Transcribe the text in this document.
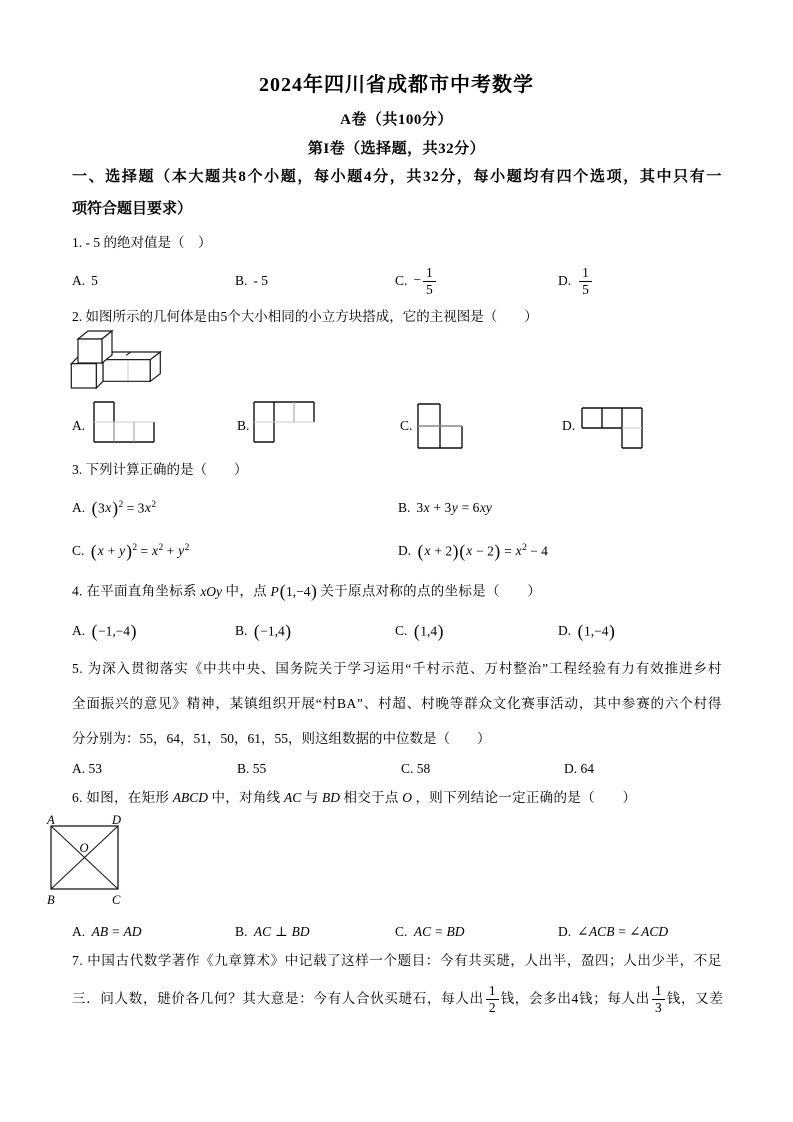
2024年四川省成都市中考数学
A卷（共100分）
第I卷（选择题，共32分）
一、选择题（本大题共8个小题，每小题4分，共32分，每小题均有四个选项，其中只有一
项符合题目要求）
1. - 5 的绝对值是（　）
A. 5	B. - 5	C. − $\frac{1}{5}$	D. $\frac{1}{5}$
2. 如图所示的几何体是由5个大小相同的小立方块搭成，它的主视图是（　　）
A.	B.	C.	D.
3. 下列计算正确的是（　　）
A. $(3x)^2 = 3x^2$	B. 3x + 3y = 6xy
C. $(x + y)^2 = x^2 + y^2$	D. $(x + 2)(x - 2) = x^2 - 4$
4. 在平面直角坐标系 xOy 中，点 P(1,−4) 关于原点对称的点的坐标是（　　）
A. (−1,−4)	B. (−1,4)	C. (1,4)	D. (1,−4)
5. 为深入贯彻落实《中共中央、国务院关于学习运用“千村示范、万村整治”工程经验有力有效推进乡村
全面振兴的意见》精神，某镇组织开展“村BA”、村超、村晚等群众文化赛事活动，其中参赛的六个村得
分分别为：55，64，51，50，61，55，则这组数据的中位数是（　　）
A. 53	B. 55	C. 58	D. 64
6. 如图，在矩形 ABCD 中，对角线 AC 与 BD 相交于点 O ，则下列结论一定正确的是（　　）
A	D
B	C
O
A. AB = AD	B. AC ⊥ BD	C. AC = BD	D. ∠ACB = ∠ACD
7. 中国古代数学著作《九章算术》中记载了这样一个题目：今有共买琎，人出半，盈四；人出少半，不足
三．问人数，琎价各几何？其大意是：今有人合伙买琎石，每人出 $\frac{1}{2}$ 钱，会多出4钱；每人出 $\frac{1}{3}$ 钱，又差
